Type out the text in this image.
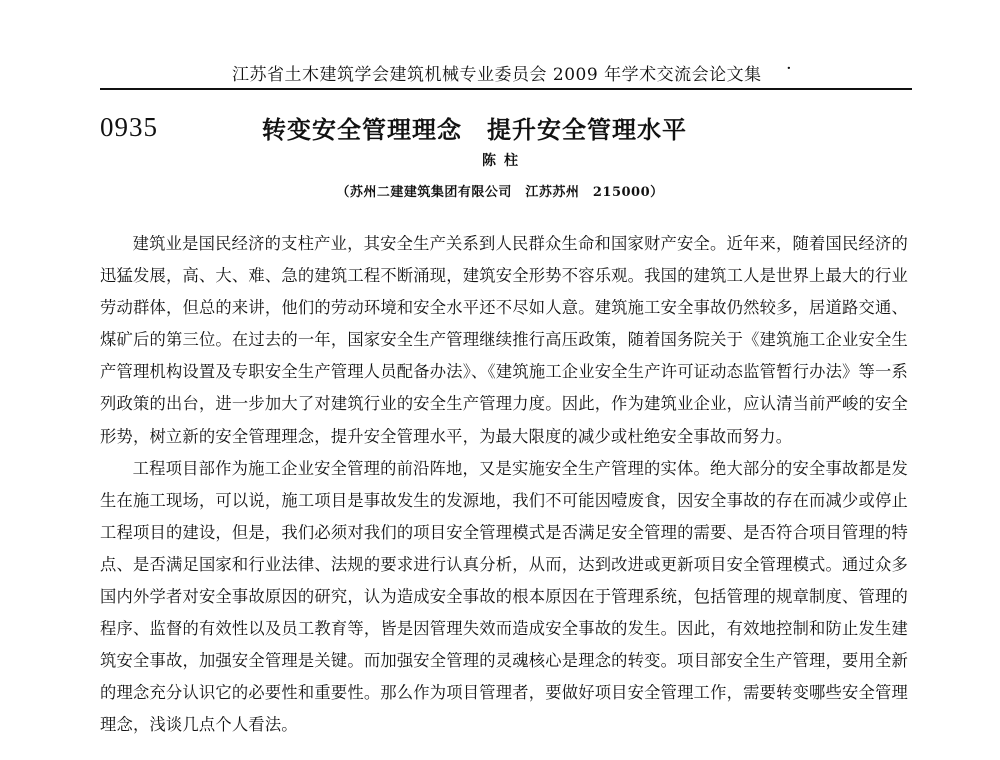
江苏省土木建筑学会建筑机械专业委员会 2009 年学术交流会论文集 ·
0935	转变安全管理理念　提升安全管理水平
陈柱
（苏州二建建筑集团有限公司　江苏苏州　215000）

建筑业是国民经济的支柱产业，其安全生产关系到人民群众生命和国家财产安全。近年来，随着国民经济的迅猛发展，高、大、难、急的建筑工程不断涌现，建筑安全形势不容乐观。我国的建筑工人是世界上最大的行业劳动群体，但总的来讲，他们的劳动环境和安全水平还不尽如人意。建筑施工安全事故仍然较多，居道路交通、煤矿后的第三位。在过去的一年，国家安全生产管理继续推行高压政策，随着国务院关于《建筑施工企业安全生产管理机构设置及专职安全生产管理人员配备办法》、《建筑施工企业安全生产许可证动态监管暂行办法》等一系列政策的出台，进一步加大了对建筑行业的安全生产管理力度。因此，作为建筑业企业，应认清当前严峻的安全形势，树立新的安全管理理念，提升安全管理水平，为最大限度的减少或杜绝安全事故而努力。

工程项目部作为施工企业安全管理的前沿阵地，又是实施安全生产管理的实体。绝大部分的安全事故都是发生在施工现场，可以说，施工项目是事故发生的发源地，我们不可能因噎废食，因安全事故的存在而减少或停止工程项目的建设，但是，我们必须对我们的项目安全管理模式是否满足安全管理的需要、是否符合项目管理的特点、是否满足国家和行业法律、法规的要求进行认真分析，从而，达到改进或更新项目安全管理模式。通过众多国内外学者对安全事故原因的研究，认为造成安全事故的根本原因在于管理系统，包括管理的规章制度、管理的程序、监督的有效性以及员工教育等，皆是因管理失效而造成安全事故的发生。因此，有效地控制和防止发生建筑安全事故，加强安全管理是关键。而加强安全管理的灵魂核心是理念的转变。项目部安全生产管理，要用全新的理念充分认识它的必要性和重要性。那么作为项目管理者，要做好项目安全管理工作，需要转变哪些安全管理理念，浅谈几点个人看法。
